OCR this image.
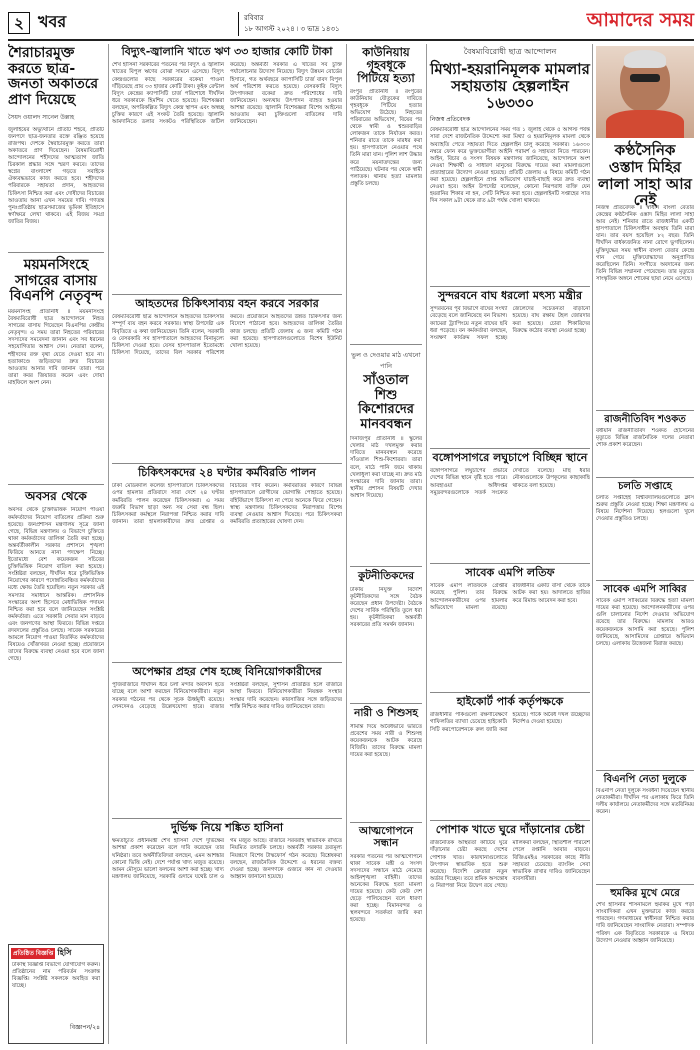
২ খবর	রবিবার
১৮ আগস্ট ২০২৪ ৷ ৩ ভাদ্র ১৪৩১	আমাদের সময়
শৈরাচারমুক্ত করতে ছাত্র-জনতা অকাতরে প্রাণ দিয়েছে
সৈয়দ ওয়ালদ সানেল উল্লাহ
জুলাইয়ের অভ্যুত্থানে প্রতিটি শহরে, প্রতিটি জনপদে ছাত্র-জনতার রক্তে রঞ্জিত হয়েছে রাজপথ। দেশকে স্বৈরাচারমুক্ত করতে তারা অকাতরে প্রাণ দিয়েছেন। বৈষম্যবিরোধী আন্দোলনের শহীদদের আত্মত্যাগ জাতি চিরকাল শ্রদ্ধার সঙ্গে স্মরণ করবে। তাদের স্বপ্নের বাংলাদেশ গড়তে সবাইকে ঐক্যবদ্ধভাবে কাজ করতে হবে। শহীদদের পরিবারকে সহায়তা প্রদান, আহতদের চিকিৎসা নিশ্চিত করা এবং দোষীদের বিচারের আওতায় আনা এখন সময়ের দাবি। গণতন্ত্র পুনঃপ্রতিষ্ঠায় ছাত্রসমাজের ভূমিকা ইতিহাসে স্বর্ণাক্ষরে লেখা থাকবে। এই বিজয় সমগ্র জাতির বিজয়।
ময়মনসিংহে সাগরের বাসায় বিএনপি নেতৃবৃন্দ
ময়মনসিংহ প্রতিনিধি ॥ ময়মনসিংহে বৈষম্যবিরোধী ছাত্র আন্দোলনে নিহত সাগরের বাসায় গিয়েছেন বিএনপির কেন্দ্রীয় নেতৃবৃন্দ। এ সময় তারা নিহতের পরিবারের সদস্যদের সমবেদনা জানান এবং সব ধরনের সহযোগিতার আশ্বাস দেন। নেতারা বলেন, শহীদদের রক্ত বৃথা যেতে দেওয়া হবে না। হত্যাকাণ্ডে জড়িতদের দ্রুত বিচারের আওতায় আনার দাবি জানান তারা। পরে তারা কবর জিয়ারত করেন এবং দোয়া মাহফিলে অংশ নেন।
অবসর থেকে
অবসর থেকে চুক্তিভিত্তিক নিয়োগ পাওয়া কর্মকর্তাদের নিয়োগ বাতিলের প্রক্রিয়া শুরু হয়েছে। জনপ্রশাসন মন্ত্রণালয় সূত্রে জানা গেছে, বিভিন্ন মন্ত্রণালয় ও বিভাগে চুক্তিতে থাকা কর্মকর্তাদের তালিকা তৈরি করা হচ্ছে। অন্তর্বর্তীকালীন সরকার প্রশাসনে শৃঙ্খলা ফিরিয়ে আনতে নানা পদক্ষেপ নিচ্ছে। ইতোমধ্যে বেশ কয়েকজন সচিবের চুক্তিভিত্তিক নিয়োগ বাতিল করা হয়েছে। সংশ্লিষ্টরা বলছেন, দীর্ঘদিন ধরে চুক্তিভিত্তিক নিয়োগের কারণে পদোন্নতিবঞ্চিত কর্মকর্তাদের মধ্যে ক্ষোভ তৈরি হয়েছিল। নতুন সরকার এই সমস্যার সমাধানে আন্তরিক। প্রশাসনিক সংস্কারের অংশ হিসেবে মেধাভিত্তিক পদায়ন নিশ্চিত করা হবে বলে জানিয়েছেন সংশ্লিষ্ট কর্মকর্তারা। এতে সরকারি সেবার মান বাড়বে এবং জনগণের আস্থা ফিরবে। বিভিন্ন দপ্তরে রদবদলের প্রস্তুতিও চলছে। সাবেক সরকারের আমলে নিয়োগ পাওয়া বিতর্কিত কর্মকর্তাদের বিষয়েও খোঁজখবর নেওয়া হচ্ছে। প্রয়োজনে তাদের বিরুদ্ধে ব্যবস্থা নেওয়া হবে বলে জানা গেছে।
প্রতিষ্ঠিত বিজ্ঞপ্তি হিসি
ঢাকাস্থ বিজ্ঞপ্তি বিভাগে যোগাযোগ করুন। প্রতিষ্ঠানের নাম পরিবর্তন সংক্রান্ত বিজ্ঞপ্তি। সংশ্লিষ্ট সকলকে অবহিত করা যাচ্ছে।
বিজ্ঞাপন/২৪
বিদ্যুৎ-জ্বালানি খাতে ঋণ ৩৩ হাজার কোটি টাকা
শেখ হাসিনা সরকারের পতনের পর বিদ্যুৎ ও জ্বালানি খাতের বিপুল ঋণের বোঝা সামনে এসেছে। বিদ্যুৎ কেন্দ্রগুলোর কাছে সরকারের বকেয়া পাওনা দাঁড়িয়েছে প্রায় ৩৩ হাজার কোটি টাকা। কুইক রেন্টাল বিদ্যুৎ কেন্দ্রের ক্যাপাসিটি চার্জ পরিশোধে দীর্ঘদিন ধরে সরকারকে হিমশিম খেতে হয়েছে। বিশেষজ্ঞরা বলছেন, অপরিকল্পিত বিদ্যুৎ কেন্দ্র স্থাপন এবং অস্বচ্ছ চুক্তির কারণে এই সংকট তৈরি হয়েছে। জ্বালানি আমদানিতে ডলার সংকটও পরিস্থিতিকে জটিল করেছে। অন্তর্বর্তী সরকার এ খাতের সব চুক্তি পর্যালোচনার উদ্যোগ নিয়েছে। বিদ্যুৎ উন্নয়ন বোর্ডের হিসাবে, গত অর্থবছরে ক্যাপাসিটি চার্জ বাবদ বিপুল অর্থ পরিশোধ করতে হয়েছে। বেসরকারি বিদ্যুৎ উৎপাদকরা বকেয়া দ্রুত পরিশোধের দাবি জানিয়েছেন। অন্যথায় উৎপাদন ব্যাহত হওয়ার আশঙ্কা রয়েছে। জ্বালানি বিশেষজ্ঞরা বিশেষ আইনের আওতায় করা চুক্তিগুলো বাতিলের দাবি জানিয়েছেন।
আহতদের চিকিৎসাব্যয় বহন করবে সরকার
বৈষম্যবিরোধী ছাত্র আন্দোলনে আহতদের চিকিৎসার সম্পূর্ণ ব্যয় বহন করবে সরকার। স্বাস্থ্য উপদেষ্টা এক বিবৃতিতে এ কথা জানিয়েছেন। তিনি বলেন, সরকারি ও বেসরকারি সব হাসপাতালে আহতদের বিনামূল্যে চিকিৎসা দেওয়া হবে। যেসব হাসপাতাল ইতোমধ্যে চিকিৎসা দিয়েছে, তাদের বিল সরকার পরিশোধ করবে। প্রয়োজনে আহতদের উন্নত চিকিৎসার জন্য বিদেশে পাঠানো হবে। আহতদের তালিকা তৈরির কাজ চলছে। প্রতিটি জেলায় এ জন্য কমিটি গঠন করা হয়েছে। হাসপাতালগুলোতে বিশেষ ইউনিট খোলা হয়েছে।
চিকিৎসকদের ২৪ ঘণ্টার কর্মবিরতি পালন
ঢাকা মেডিক্যাল কলেজ হাসপাতালে চিকিৎসকদের ওপর হামলার প্রতিবাদে সারা দেশে ২৪ ঘণ্টার কর্মবিরতি পালন করেছেন চিকিৎসকরা। এ সময় জরুরি বিভাগ ছাড়া অন্য সব সেবা বন্ধ ছিল। চিকিৎসকরা কর্মস্থলে নিরাপত্তা নিশ্চিত করার দাবি জানান। তারা হামলাকারীদের দ্রুত গ্রেপ্তার ও বিচারের দাবি করেন। কর্মবিরতির কারণে বিভিন্ন হাসপাতালে রোগীদের ভোগান্তি পোহাতে হয়েছে। বহির্বিভাগে চিকিৎসা না পেয়ে অনেকে ফিরে গেছেন। স্বাস্থ্য মন্ত্রণালয় চিকিৎসকদের নিরাপত্তায় বিশেষ ব্যবস্থা নেওয়ার আশ্বাস দিয়েছে। পরে চিকিৎসকরা কর্মবিরতি প্রত্যাহারের ঘোষণা দেন।
অপেক্ষার প্রহর শেষ হচ্ছে বিনিয়োগকারীদের
পুঁজিবাজারে দীর্ঘদিন ধরে চলা মন্দার অবসান হতে যাচ্ছে বলে আশা করছেন বিনিয়োগকারীরা। নতুন সরকার গঠনের পর থেকে সূচক ঊর্ধ্বমুখী রয়েছে। লেনদেনও বেড়েছে উল্লেখযোগ্য হারে। বাজার সংশ্লিষ্টরা বলছেন, সুশাসন প্রতিষ্ঠিত হলে বাজারে আস্থা ফিরবে। বিনিয়োগকারীরা নিয়ন্ত্রক সংস্থার সংস্কার দাবি করেছেন। কারসাজির সঙ্গে জড়িতদের শাস্তি নিশ্চিত করার দাবিও জানিয়েছেন তারা।
দুর্ভিক্ষ নিয়ে শঙ্কিত হাসিনা
ক্ষমতাচ্যুত প্রধানমন্ত্রী শেখ হাসিনা দেশে দুর্ভিক্ষের আশঙ্কা প্রকাশ করেছেন বলে দাবি করেছেন তার ঘনিষ্ঠরা। তবে অর্থনীতিবিদরা বলছেন, এমন আশঙ্কার কোনো ভিত্তি নেই। দেশে পর্যাপ্ত খাদ্য মজুত রয়েছে। আমন মৌসুমে ভালো ফলনের আশা করা হচ্ছে। খাদ্য মন্ত্রণালয় জানিয়েছে, সরকারি গুদামে যথেষ্ট চাল ও গম মজুত আছে। বাজারে সরবরাহ স্বাভাবিক রাখতে নিয়মিত তদারকি চলছে। অন্তর্বর্তী সরকার দ্রব্যমূল্য নিয়ন্ত্রণে বিশেষ টাস্কফোর্স গঠন করেছে। বিশ্লেষকরা বলছেন, রাজনৈতিক উদ্দেশ্যে এ ধরনের বক্তব্য দেওয়া হচ্ছে। জনগণকে গুজবে কান না দেওয়ার আহ্বান জানানো হয়েছে।
কাউনিয়ায় গৃহবধূকে পিটিয়ে হত্যা
রংপুর প্রতিনিধি ॥ রংপুরের কাউনিয়ায় যৌতুকের দাবিতে গৃহবধূকে পিটিয়ে হত্যার অভিযোগ উঠেছে। নিহতের পরিবারের অভিযোগ, বিয়ের পর থেকে স্বামী ও শ্বশুরবাড়ির লোকজন তাকে নির্যাতন করত। শনিবার রাতে তাকে মারধর করা হয়। হাসপাতালে নেওয়ার পথে তিনি মারা যান। পুলিশ লাশ উদ্ধার করে ময়নাতদন্তের জন্য পাঠিয়েছে। ঘটনার পর থেকে স্বামী পলাতক। থানায় হত্যা মামলার প্রস্তুতি চলছে।
ভুল ও দেওয়ার মাঠ এখনো পানি
সাঁওতাল শিশু কিশোরদের মানববন্ধন
দিনাজপুর প্রতিনিধি ॥ স্কুলের খেলার মাঠ দখলমুক্ত করার দাবিতে মানববন্ধন করেছে সাঁওতাল শিশু-কিশোররা। তারা বলে, মাঠে পানি জমে থাকায় খেলাধুলা করা যাচ্ছে না। দ্রুত মাঠ সংস্কারের দাবি জানায় তারা। স্থানীয় প্রশাসন বিষয়টি দেখার আশ্বাস দিয়েছে।
কুটনীতিকদের
ঢাকায় নিযুক্ত বিদেশি কূটনীতিকদের সঙ্গে বৈঠক করেছেন প্রধান উপদেষ্টা। বৈঠকে দেশের সার্বিক পরিস্থিতি তুলে ধরা হয়। কূটনীতিকরা অন্তর্বর্তী সরকারের প্রতি সমর্থন জানান।
নারী ও শিশুসহ
সীমান্ত দিয়ে অবৈধভাবে ভারতে প্রবেশের সময় নারী ও শিশুসহ কয়েকজনকে আটক করেছে বিজিবি। তাদের বিরুদ্ধে মামলা দায়ের করা হয়েছে।
আত্মগোপনে সন্ধান
সরকার পতনের পর আত্মগোপনে থাকা সাবেক মন্ত্রী ও সংসদ সদস্যদের সন্ধানে মাঠে নেমেছে আইনশৃঙ্খলা বাহিনী। তাদের অনেকের বিরুদ্ধে হত্যা মামলা দায়ের হয়েছে। কেউ কেউ দেশ ছেড়ে পালিয়েছেন বলে ধারণা করা হচ্ছে। বিমানবন্দর ও স্থলবন্দরে সতর্কতা জারি করা হয়েছে।
বৈষম্যবিরোধী ছাত্র আন্দোলন
মিথ্যা-হয়রানিমূলক মামলার সহায়তায় হেল্পলাইন ১৬৩৩০
নিজস্ব প্রতিবেদক
বৈষম্যবিরোধী ছাত্র আন্দোলনের সময় গত ১ জুলাই থেকে ৫ আগস্ট পর্যন্ত সারা দেশে রাজনৈতিক উদ্দেশ্যে করা মিথ্যা ও হয়রানিমূলক মামলা থেকে অব্যাহতি পেতে সহায়তা দিতে হেল্পলাইন চালু করেছে সরকার। ১৬৩৩০ নম্বরে ফোন করে ভুক্তভোগীরা আইনি পরামর্শ ও সহায়তা নিতে পারবেন। আইন, বিচার ও সংসদ বিষয়ক মন্ত্রণালয় জানিয়েছে, আন্দোলনে অংশ নেওয়া শিক্ষার্থী ও সাধারণ মানুষের বিরুদ্ধে দায়ের করা মামলাগুলো প্রত্যাহারের উদ্যোগ নেওয়া হয়েছে। প্রতিটি জেলায় এ বিষয়ে কমিটি গঠন করা হয়েছে। হেল্পলাইনে প্রাপ্ত অভিযোগ যাচাই-বাছাই করে দ্রুত ব্যবস্থা নেওয়া হবে। আইন উপদেষ্টা বলেছেন, কোনো নিরপরাধ ব্যক্তি যেন হয়রানির শিকার না হন, সেটি নিশ্চিত করা হবে। হেল্পলাইনটি সপ্তাহের সাত দিন সকাল ৯টা থেকে রাত ৯টা পর্যন্ত খোলা থাকবে।
কণ্ঠসৈনিক ওস্তাদ মিহির লালা সাহা আর নেই
সুন্দরবনে বাঘ ধরলো মৎস্য মন্ত্রীর
সুন্দরবনের পূর্ব বিভাগে বাঘের সংখ্যা বেড়েছে বলে জানিয়েছে বন বিভাগ। ক্যামেরা ট্র্যাপিংয়ে নতুন বাঘের ছবি ধরা পড়েছে। বন কর্মকর্তারা বলছেন, সংরক্ষণ কার্যক্রম সফল হচ্ছে। জেলেদের সচেতনতা বাড়ানো হয়েছে। বাঘ রক্ষায় টহল জোরদার করা হয়েছে। চোরা শিকারিদের বিরুদ্ধে কঠোর ব্যবস্থা নেওয়া হচ্ছে।
বঙ্গোপসাগরে লঘুচাপে বিচ্ছিন্ন স্থানে
বঙ্গোপসাগরে লঘুচাপের প্রভাবে দেশের বিভিন্ন স্থানে বৃষ্টি হতে পারে। আবহাওয়া অধিদপ্তর সমুদ্রবন্দরগুলোকে সতর্ক সংকেত দেখাতে বলেছে। মাছ ধরার নৌকাগুলোকে উপকূলের কাছাকাছি থাকতে বলা হয়েছে।
সাবেক এমপি লতিফ
সাবেক এমপি লতিফকে গ্রেপ্তার করেছে পুলিশ। তার বিরুদ্ধে আন্দোলনকারীদের ওপর হামলার অভিযোগে মামলা রয়েছে। রাজধানীর একটি বাসা থেকে তাকে আটক করা হয়। আদালতে হাজির করে রিমান্ড আবেদন করা হবে।
হাইকোর্ট পার্ক কর্তৃপক্ষকে
রাজধানীর পার্কগুলো রক্ষণাবেক্ষণে গাফিলতির ব্যাখ্যা চেয়েছে হাইকোর্ট। সিটি করপোরেশনকে রুল জারি করা হয়েছে। পার্কে অবৈধ দখল উচ্ছেদের নির্দেশও দেওয়া হয়েছে।
পোশাক খাতে ঘুরে দাঁড়ানোর চেষ্টা
রাজনৈতিক অস্থিরতা কাটিয়ে ঘুরে দাঁড়ানোর চেষ্টা করছে দেশের পোশাক খাত। কারখানাগুলোতে উৎপাদন স্বাভাবিক হতে শুরু করেছে। বিদেশি ক্রেতারা নতুন অর্ডার দিচ্ছেন। তবে শ্রমিক অসন্তোষ ও নিরাপত্তা নিয়ে উদ্বেগ রয়ে গেছে। মালিকরা বলছেন, স্থিতিশীল পরিবেশ পেলে রপ্তানি আবার বাড়বে। বিজিএমইএ সরকারের কাছে নীতি সহায়তা চেয়েছে। ব্যাংকিং সেবা স্বাভাবিক রাখার দাবিও জানিয়েছেন ব্যবসায়ীরা।
নিজস্ব প্রতিবেদক ॥ স্বাধীন বাংলা বেতার কেন্দ্রের কণ্ঠসৈনিক ওস্তাদ মিহির লালা সাহা আর নেই। শনিবার রাতে রাজধানীর একটি হাসপাতালে চিকিৎসাধীন অবস্থায় তিনি মারা যান। তার বয়স হয়েছিল ৮২ বছর। তিনি দীর্ঘদিন বার্ধক্যজনিত নানা রোগে ভুগছিলেন। মুক্তিযুদ্ধের সময় স্বাধীন বাংলা বেতার কেন্দ্রে গান গেয়ে মুক্তিযোদ্ধাদের অনুপ্রাণিত করেছিলেন তিনি। সংগীতে অবদানের জন্য তিনি বিভিন্ন সম্মাননা পেয়েছেন। তার মৃত্যুতে সাংস্কৃতিক অঙ্গনে শোকের ছায়া নেমে এসেছে।
রাজনীতিবিদ শওকত
বর্ষীয়ান রাজনীতিবিদ শওকত হোসেনের মৃত্যুতে বিভিন্ন রাজনৈতিক দলের নেতারা শোক প্রকাশ করেছেন।
চলতি সপ্তাহে
চলতি সপ্তাহেই বিশ্ববিদ্যালয়গুলোতে ক্লাস শুরুর প্রস্তুতি নেওয়া হচ্ছে। শিক্ষা মন্ত্রণালয় এ বিষয়ে নির্দেশনা দিয়েছে। হলগুলো খুলে দেওয়ার প্রস্তুতিও চলছে।
সাবেক এমপি সাব্বির
সাবেক এমপি সাব্বিরের বিরুদ্ধে হত্যা মামলা দায়ের করা হয়েছে। আন্দোলনকারীদের ওপর গুলি চালানোর নির্দেশ দেওয়ার অভিযোগ রয়েছে তার বিরুদ্ধে। মামলায় আরও কয়েকজনকে আসামি করা হয়েছে। পুলিশ জানিয়েছে, আসামিদের গ্রেপ্তারে অভিযান চলছে। এলাকায় উত্তেজনা বিরাজ করছে।
বিএনপি নেতা দুলুকে
বিএনপি নেতা দুলুকে সংবর্ধনা দিয়েছেন স্থানীয় নেতাকর্মীরা। দীর্ঘদিন পর এলাকায় ফিরে তিনি দলীয় কার্যালয়ে নেতাকর্মীদের সঙ্গে মতবিনিময় করেন।
হুমকির মুখে মেরে
শেখ হাসিনার শাসনামলে হুমকির মুখে পড়া সাংবাদিকরা এখন মুক্তভাবে কাজ করতে পারছেন। গণমাধ্যমের স্বাধীনতা নিশ্চিত করার দাবি জানিয়েছেন সাংবাদিক নেতারা। সম্পাদক পরিষদ এক বিবৃতিতে সরকারকে এ বিষয়ে উদ্যোগ নেওয়ার আহ্বান জানিয়েছে।
